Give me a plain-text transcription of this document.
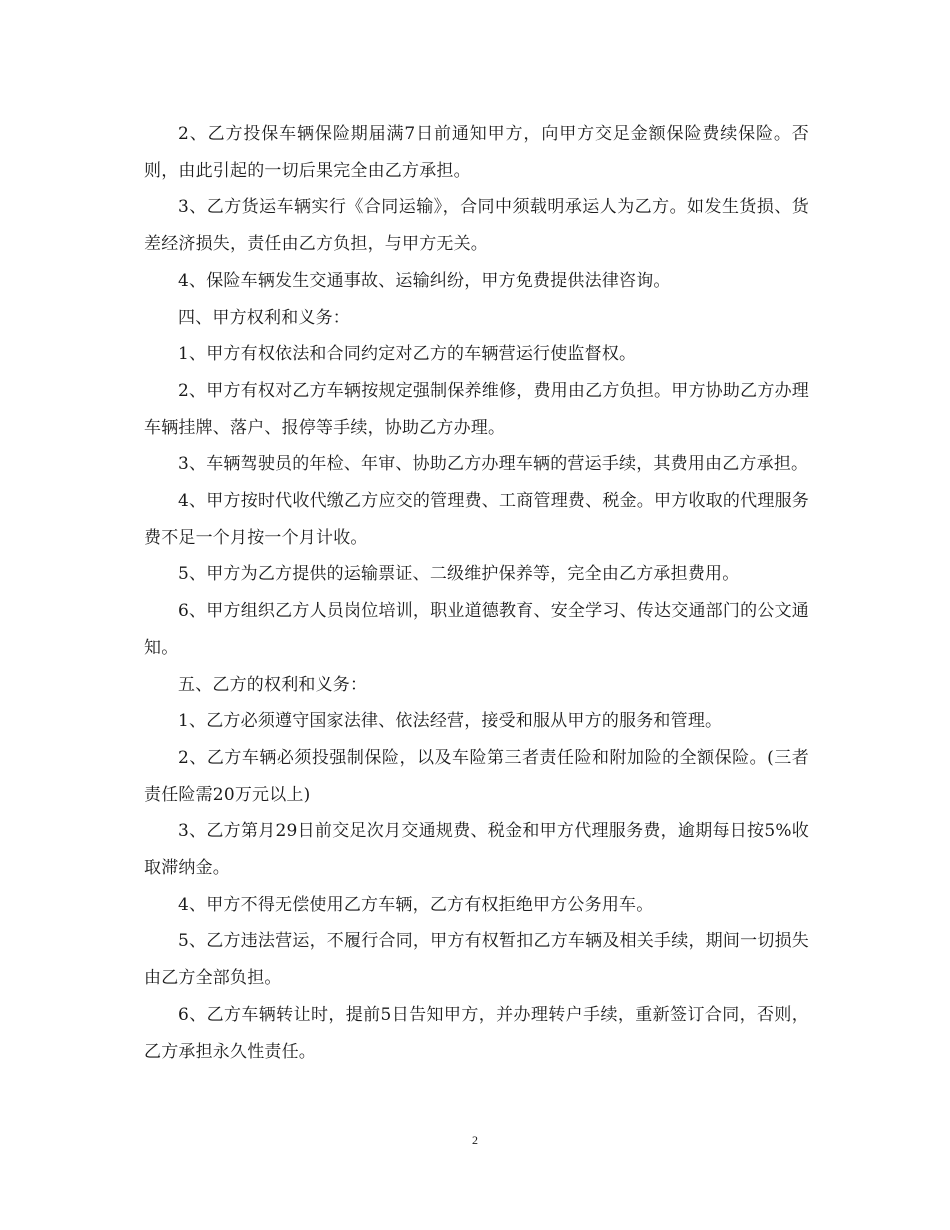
2、乙方投保车辆保险期届满7日前通知甲方，向甲方交足金额保险费续保险。否则，由此引起的一切后果完全由乙方承担。

3、乙方货运车辆实行《合同运输》，合同中须载明承运人为乙方。如发生货损、货差经济损失，责任由乙方负担，与甲方无关。

4、保险车辆发生交通事故、运输纠纷，甲方免费提供法律咨询。

四、甲方权利和义务：

1、甲方有权依法和合同约定对乙方的车辆营运行使监督权。

2、甲方有权对乙方车辆按规定强制保养维修，费用由乙方负担。甲方协助乙方办理车辆挂牌、落户、报停等手续，协助乙方办理。

3、车辆驾驶员的年检、年审、协助乙方办理车辆的营运手续，其费用由乙方承担。

4、甲方按时代收代缴乙方应交的管理费、工商管理费、税金。甲方收取的代理服务费不足一个月按一个月计收。

5、甲方为乙方提供的运输票证、二级维护保养等，完全由乙方承担费用。

6、甲方组织乙方人员岗位培训，职业道德教育、安全学习、传达交通部门的公文通知。

五、乙方的权利和义务：

1、乙方必须遵守国家法律、依法经营，接受和服从甲方的服务和管理。

2、乙方车辆必须投强制保险，以及车险第三者责任险和附加险的全额保险。(三者责任险需20万元以上)

3、乙方第月29日前交足次月交通规费、税金和甲方代理服务费，逾期每日按5%收取滞纳金。

4、甲方不得无偿使用乙方车辆，乙方有权拒绝甲方公务用车。

5、乙方违法营运，不履行合同，甲方有权暂扣乙方车辆及相关手续，期间一切损失由乙方全部负担。

6、乙方车辆转让时，提前5日告知甲方，并办理转户手续，重新签订合同，否则，乙方承担永久性责任。

2
